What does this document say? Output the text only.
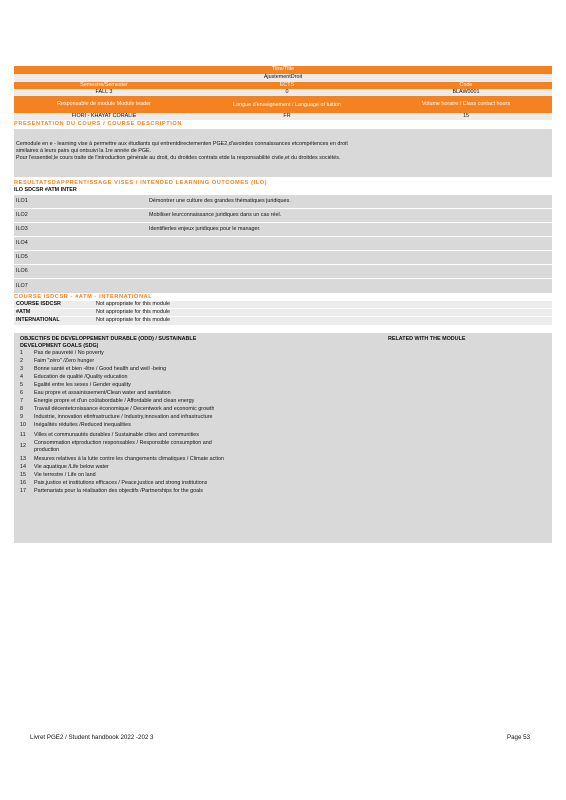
Titre/Title
AjustementDroit
Semestre/Semester	ECTS	Code
FALL 3	0	BLAW0001
Responsable de module Module leader	Langue d'enseignement / Language of tuition	Volume horaire / Class contact hours
FIORI - KHAYAT CORALIE	FR	15
PRESENTATION DU COURS / COURSE DESCRIPTION
Cemodule en e - learning vise à permettre aux étudiants qui entrentdirectementen PGE2,d'avoirdes connaissances etcompétences en droit
similaires à leurs pairs qui ontsuivi la 1re année de PGE.
Pour l'essentiel,le cours traite de l'introduction générale au droit, du droitdes contrats etde la responsabilité civile,et du droitdes sociétés.
RESULTATSDAPPRENTISSAGE VISES / INTENDED LEARNING OUTCOMES (ILO)
ILO SDCSR #ATM INTER
ILO1	Démontrer une culture des grandes thématiques juridiques.
ILO2	Mobiliser leurconnaissance juridiques dans un cas réel.
ILO3	Identifierles enjeux juridiques pour le manager.
ILO4
ILO5
ILO6
ILO7
COURSE ISDCSR - #ATM - INTERNATIONAL
COURSE ISDCSR	Not appropriate for this module
#ATM	Not appropriate for this module
INTERNATIONAL	Not appropriate for this module
OBJECTIFS DE DEVELOPPEMENT DURABLE (ODD) / SUSTAINABLE	RELATED WITH THE MODULE
DEVELOPMENT GOALS (SDG)
1	Pas de pauvreté / No poverty
2	Faim "zéro" /Zero hunger
3	Bonne santé et bien -être / Good health and well -being
4	Education de qualité /Quality education
5	Egalité entre les sexes / Gender equality
6	Eau propre et assainissement/Clean water and sanitation
7	Energie propre et d'un coûtabordable / Affordable and clean energy
8	Travail décentetcroissance économique / Decentwork and economic growth
9	Industrie, innovation etinfrastructure / Industry,innovation and infrastructure
10	Inégalités réduites /Reduced inequalities
11	Villes et communautés durables / Sustainable cities and communities
12	Consommation etproduction responsables / Responsible consumption and
production
13	Mesures relatives à la lutte contre les changements climatiques / Climate action
14	Vie aquatique /Life below water
15	Vie terrestre / Life on land
16	Paix,justice et institutions efficaces / Peace,justice and strong institutions
17	Partenariats pour la réalisation des objectifs /Partnerships for the goals
Livret PGE2 / Student handbook 2022 -202 3	Page 53
